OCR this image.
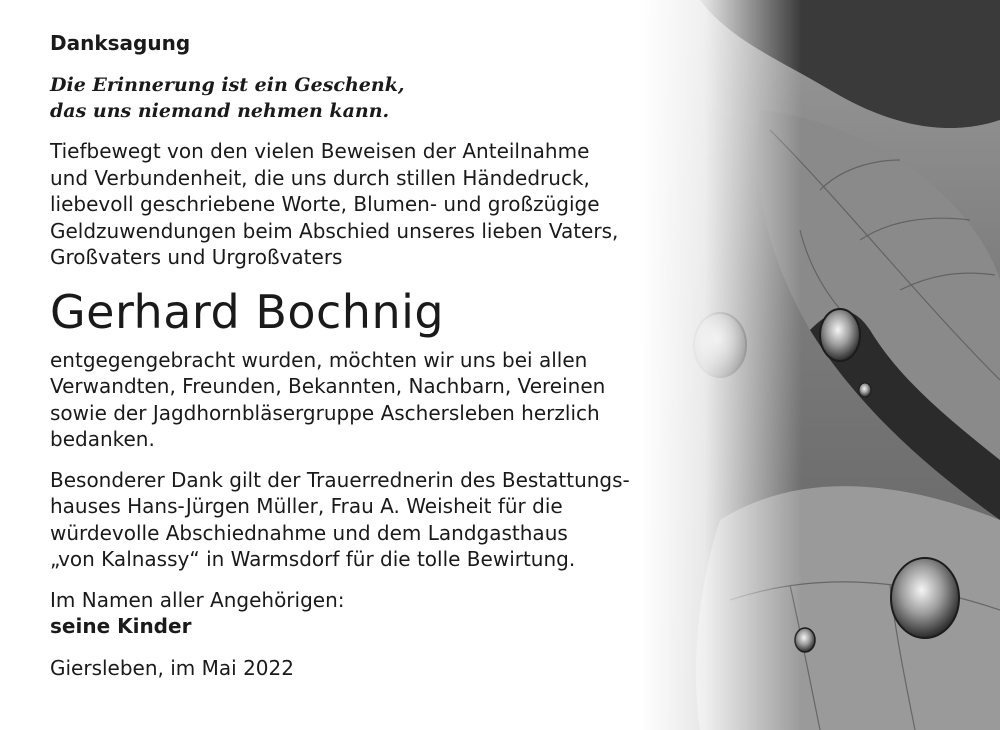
Danksagung
Die Erinnerung ist ein Geschenk,
das uns niemand nehmen kann.
Tiefbewegt von den vielen Beweisen der Anteilnahme
und Verbundenheit, die uns durch stillen Händedruck,
liebevoll geschriebene Worte, Blumen- und großzügige
Geldzuwendungen beim Abschied unseres lieben Vaters,
Großvaters und Urgroßvaters
Gerhard Bochnig
entgegengebracht wurden, möchten wir uns bei allen
Verwandten, Freunden, Bekannten, Nachbarn, Vereinen
sowie der Jagdhornbläsergruppe Aschersleben herzlich
bedanken.
Besonderer Dank gilt der Trauerrednerin des Bestattungs-
hauses Hans-Jürgen Müller, Frau A. Weisheit für die
würdevolle Abschiednahme und dem Landgasthaus
„von Kalnassy“ in Warmsdorf für die tolle Bewirtung.
Im Namen aller Angehörigen:
seine Kinder
Giersleben, im Mai 2022
